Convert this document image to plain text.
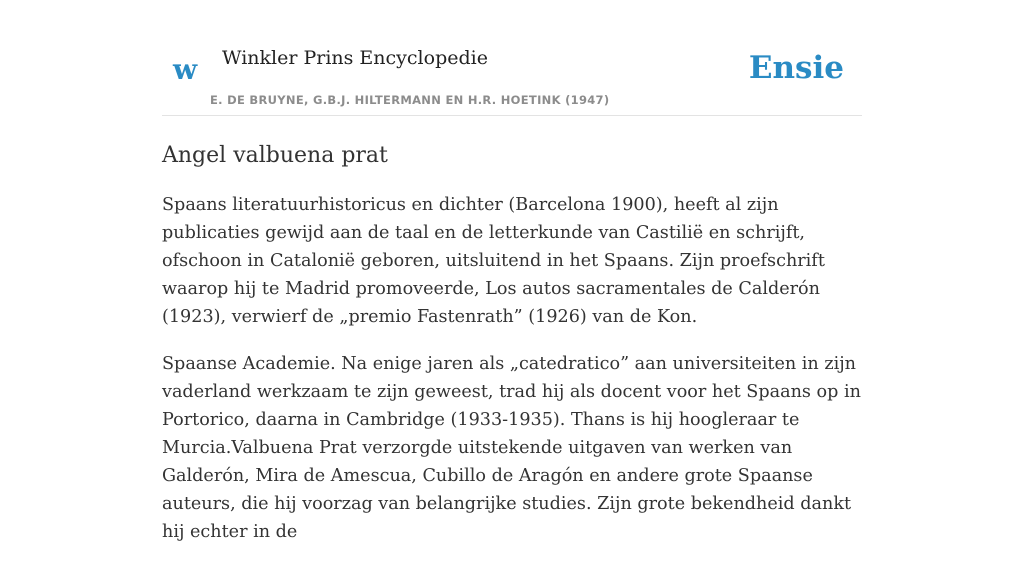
w Winkler Prins Encyclopedie
E. DE BRUYNE, G.B.J. HILTERMANN EN H.R. HOETINK (1947)
Ensie
Angel valbuena prat

Spaans literatuurhistoricus en dichter (Barcelona 1900), heeft al zijn publicaties gewijd aan de taal en de letterkunde van Castilië en schrijft, ofschoon in Catalonië geboren, uitsluitend in het Spaans. Zijn proefschrift waarop hij te Madrid promoveerde, Los autos sacramentales de Calderón (1923), verwierf de „premio Fastenrath” (1926) van de Kon.

Spaanse Academie. Na enige jaren als „catedratico” aan universiteiten in zijn vaderland werkzaam te zijn geweest, trad hij als docent voor het Spaans op in Portorico, daarna in Cambridge (1933-1935). Thans is hij hoogleraar te Murcia.Valbuena Prat verzorgde uitstekende uitgaven van werken van Galderón, Mira de Amescua, Cubillo de Aragón en andere grote Spaanse auteurs, die hij voorzag van belangrijke studies. Zijn grote bekendheid dankt hij echter in de
